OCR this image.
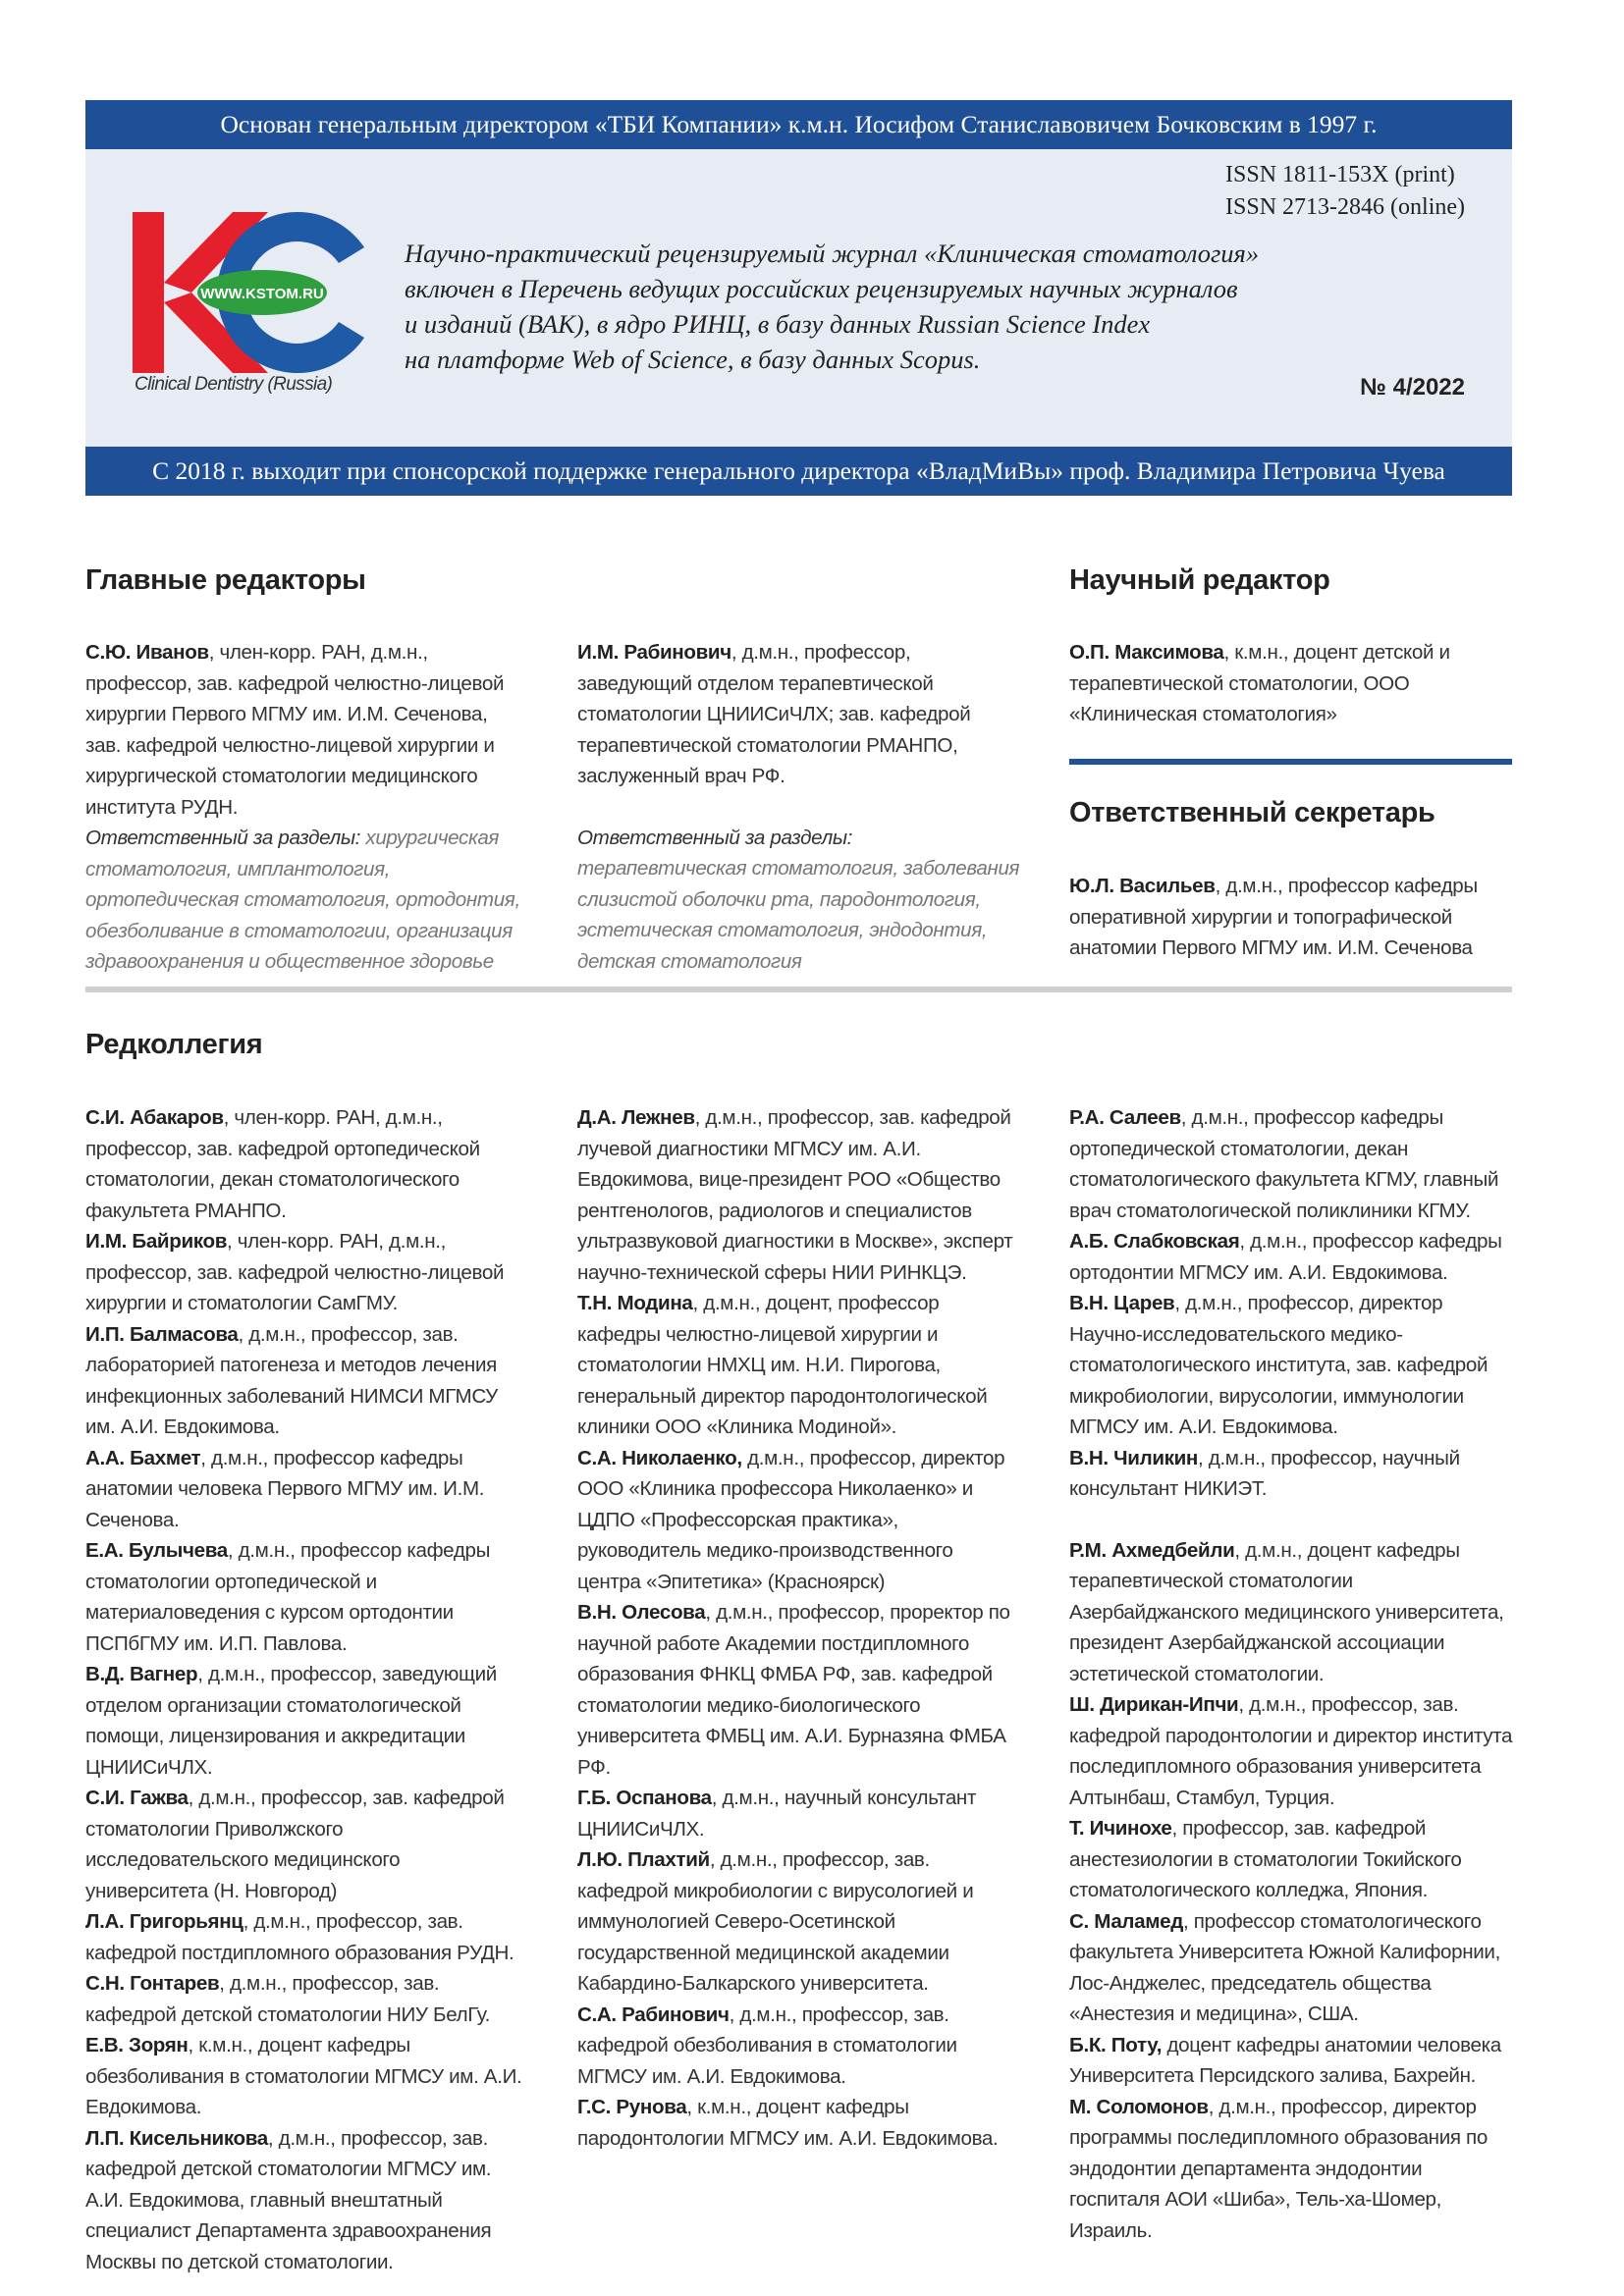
Основан генеральным директором «ТБИ Компании» к.м.н. Иосифом Станиславовичем Бочковским в 1997 г.
WWW.KSTOM.RU
Clinical Dentistry (Russia)
ISSN 1811-153X (print)
ISSN 2713-2846 (online)
Научно-практический рецензируемый журнал «Клиническая стоматология»
включен в Перечень ведущих российских рецензируемых научных журналов
и изданий (ВАК), в ядро РИНЦ, в базу данных Russian Science Index
на платформе Web of Science, в базу данных Scopus.
№ 4/2022
С 2018 г. выходит при спонсорской поддержке генерального директора «ВладМиВы» проф. Владимира Петровича Чуева
Главные редакторы

С.Ю. Иванов, член-корр. РАН, д.м.н., профессор, зав. кафедрой челюстно-лицевой хирургии Первого МГМУ им. И.М. Сеченова, зав. кафедрой челюстно-лицевой хирургии и хирургической стоматологии медицинского института РУДН.

Ответственный за разделы: хирургическая стоматология, имплантология, ортопедическая стоматология, ортодонтия, обезболивание в стоматологии, организация здравоохранения и общественное здоровье

И.М. Рабинович, д.м.н., профессор, заведующий отделом терапевтической стоматологии ЦНИИСиЧЛХ; зав. кафедрой терапевтической стоматологии РМАНПО, заслуженный врач РФ.

Ответственный за разделы: терапевтическая стоматология, заболевания слизистой оболочки рта, пародонтология, эстетическая стоматология, эндодонтия, детская стоматология

Научный редактор

О.П. Максимова, к.м.н., доцент детской и терапевтической стоматологии, ООО «Клиническая стоматология»

Ответственный секретарь

Ю.Л. Васильев, д.м.н., профессор кафедры оперативной хирургии и топографической анатомии Первого МГМУ им. И.М. Сеченова

Редколлегия

С.И. Абакаров, член-корр. РАН, д.м.н., профессор, зав. кафедрой ортопедической стоматологии, декан стоматологического факультета РМАНПО.

И.М. Байриков, член-корр. РАН, д.м.н., профессор, зав. кафедрой челюстно-лицевой хирургии и стоматологии СамГМУ.

И.П. Балмасова, д.м.н., профессор, зав. лабораторией патогенеза и методов лечения инфекционных заболеваний НИМСИ МГМСУ им. А.И. Евдокимова.

А.А. Бахмет, д.м.н., профессор кафедры анатомии человека Первого МГМУ им. И.М. Сеченова.

Е.А. Булычева, д.м.н., профессор кафедры стоматологии ортопедической и материаловедения с курсом ортодонтии ПСПбГМУ им. И.П. Павлова.

В.Д. Вагнер, д.м.н., профессор, заведующий отделом организации стоматологической помощи, лицензирования и аккредитации ЦНИИСиЧЛХ.

С.И. Гажва, д.м.н., профессор, зав. кафедрой стоматологии Приволжского исследовательского медицинского университета (Н. Новгород)

Л.А. Григорьянц, д.м.н., профессор, зав. кафедрой постдипломного образования РУДН.

С.Н. Гонтарев, д.м.н., профессор, зав. кафедрой детской стоматологии НИУ БелГу.

Е.В. Зорян, к.м.н., доцент кафедры обезболивания в стоматологии МГМСУ им. А.И. Евдокимова.

Л.П. Кисельникова, д.м.н., профессор, зав. кафедрой детской стоматологии МГМСУ им. А.И. Евдокимова, главный внештатный специалист Департамента здравоохранения Москвы по детской стоматологии.

Д.А. Лежнев, д.м.н., профессор, зав. кафедрой лучевой диагностики МГМСУ им. А.И. Евдокимова, вице-президент РОО «Общество рентгенологов, радиологов и специалистов ультразвуковой диагностики в Москве», эксперт научно-технической сферы НИИ РИНКЦЭ.

Т.Н. Модина, д.м.н., доцент, профессор кафедры челюстно-лицевой хирургии и стоматологии НМХЦ им. Н.И. Пирогова, генеральный директор пародонтологической клиники ООО «Клиника Модиной».

С.А. Николаенко, д.м.н., профессор, директор ООО «Клиника профессора Николаенко» и ЦДПО «Профессорская практика», руководитель медико-производственного центра «Эпитетика» (Красноярск)

В.Н. Олесова, д.м.н., профессор, проректор по научной работе Академии постдипломного образования ФНКЦ ФМБА РФ, зав. кафедрой стоматологии медико-биологического университета ФМБЦ им. А.И. Бурназяна ФМБА РФ.

Г.Б. Оспанова, д.м.н., научный консультант ЦНИИСиЧЛХ.

Л.Ю. Плахтий, д.м.н., профессор, зав. кафедрой микробиологии с вирусологией и иммунологией Северо-Осетинской государственной медицинской академии Кабардино-Балкарского университета.

С.А. Рабинович, д.м.н., профессор, зав. кафедрой обезболивания в стоматологии МГМСУ им. А.И. Евдокимова.

Г.С. Рунова, к.м.н., доцент кафедры пародонтологии МГМСУ им. А.И. Евдокимова.

Р.А. Салеев, д.м.н., профессор кафедры ортопедической стоматологии, декан стоматологического факультета КГМУ, главный врач стоматологической поликлиники КГМУ.

А.Б. Слабковская, д.м.н., профессор кафедры ортодонтии МГМСУ им. А.И. Евдокимова.

В.Н. Царев, д.м.н., профессор, директор Научно-исследовательского медико-стоматологического института, зав. кафедрой микробиологии, вирусологии, иммунологии МГМСУ им. А.И. Евдокимова.

В.Н. Чиликин, д.м.н., профессор, научный консультант НИКИЭТ.

Р.М. Ахмедбейли, д.м.н., доцент кафедры терапевтической стоматологии Азербайджанского медицинского университета, президент Азербайджанской ассоциации эстетической стоматологии.

Ш. Дирикан-Ипчи, д.м.н., профессор, зав. кафедрой пародонтологии и директор института последипломного образования университета Алтынбаш, Стамбул, Турция.

Т. Ичинохе, профессор, зав. кафедрой анестезиологии в стоматологии Токийского стоматологического колледжа, Япония.

С. Маламед, профессор стоматологического факультета Университета Южной Калифорнии, Лос-Анджелес, председатель общества «Анестезия и медицина», США.

Б.К. Поту, доцент кафедры анатомии человека Университета Персидского залива, Бахрейн.

М. Соломонов, д.м.н., профессор, директор программы последипломного образования по эндодонтии департамента эндодонтии госпиталя АОИ «Шиба», Тель-ха-Шомер, Израиль.
